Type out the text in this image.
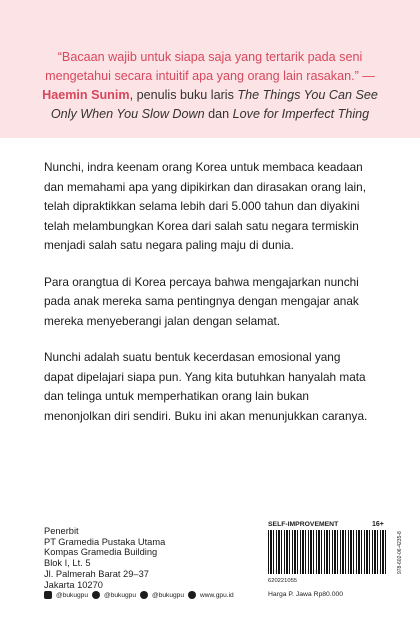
“Bacaan wajib untuk siapa saja yang tertarik pada seni mengetahui secara intuitif apa yang orang lain rasakan.” —Haemin Sunim, penulis buku laris The Things You Can See Only When You Slow Down dan Love for Imperfect Thing

Nunchi, indra keenam orang Korea untuk membaca keadaan dan memahami apa yang dipikirkan dan dirasakan orang lain, telah dipraktikkan selama lebih dari 5.000 tahun dan diyakini telah melambungkan Korea dari salah satu negara termiskin menjadi salah satu negara paling maju di dunia.

Para orangtua di Korea percaya bahwa mengajarkan nunchi pada anak mereka sama pentingnya dengan mengajar anak mereka menyeberangi jalan dengan selamat.

Nunchi adalah suatu bentuk kecerdasan emosional yang dapat dipelajari siapa pun. Yang kita butuhkan hanyalah mata dan telinga untuk memperhatikan orang lain bukan menonjolkan diri sendiri. Buku ini akan menunjukkan caranya.

Penerbit
PT Gramedia Pustaka Utama
Kompas Gramedia Building
Blok I, Lt. 5
Jl. Palmerah Barat 29–37
Jakarta 10270
@bukugpu @bukugpu @bukugpu www.gpu.id
SELF-IMPROVEMENT	16+
978-602-06-4235-8
620221055
Harga P. Jawa Rp80.000
